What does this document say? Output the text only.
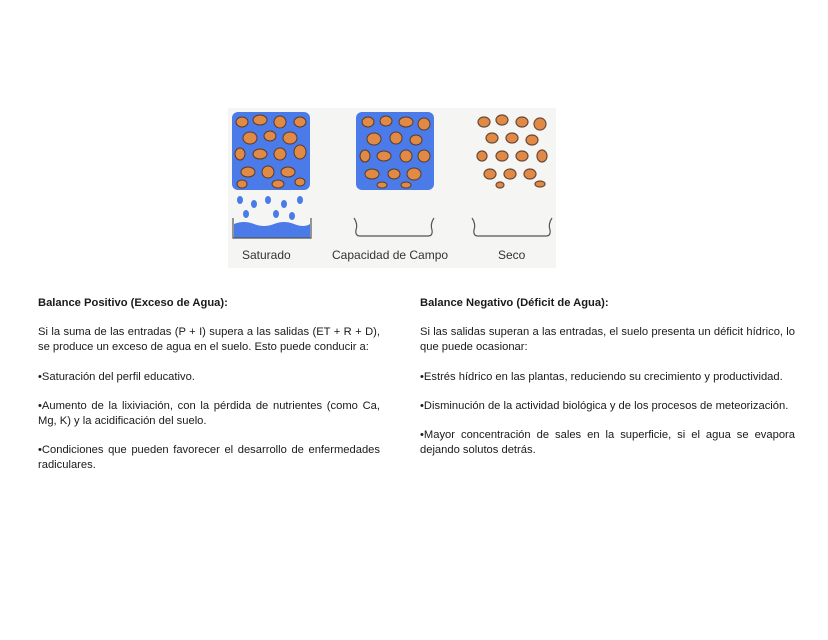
Saturado	Capacidad de Campo	Seco

Balance Positivo (Exceso de Agua):

Si la suma de las entradas (P + I) supera a las salidas (ET + R + D), se produce un exceso de agua en el suelo. Esto puede conducir a:

•Saturación del perfil educativo.

•Aumento de la lixiviación, con la pérdida de nutrientes (como Ca, Mg, K) y la acidificación del suelo.

•Condiciones que pueden favorecer el desarrollo de enfermedades radiculares.

Balance Negativo (Déficit de Agua):

Si las salidas superan a las entradas, el suelo presenta un déficit hídrico, lo que puede ocasionar:

•Estrés hídrico en las plantas, reduciendo su crecimiento y productividad.

•Disminución de la actividad biológica y de los procesos de meteorización.

•Mayor concentración de sales en la superficie, si el agua se evapora dejando solutos detrás.
